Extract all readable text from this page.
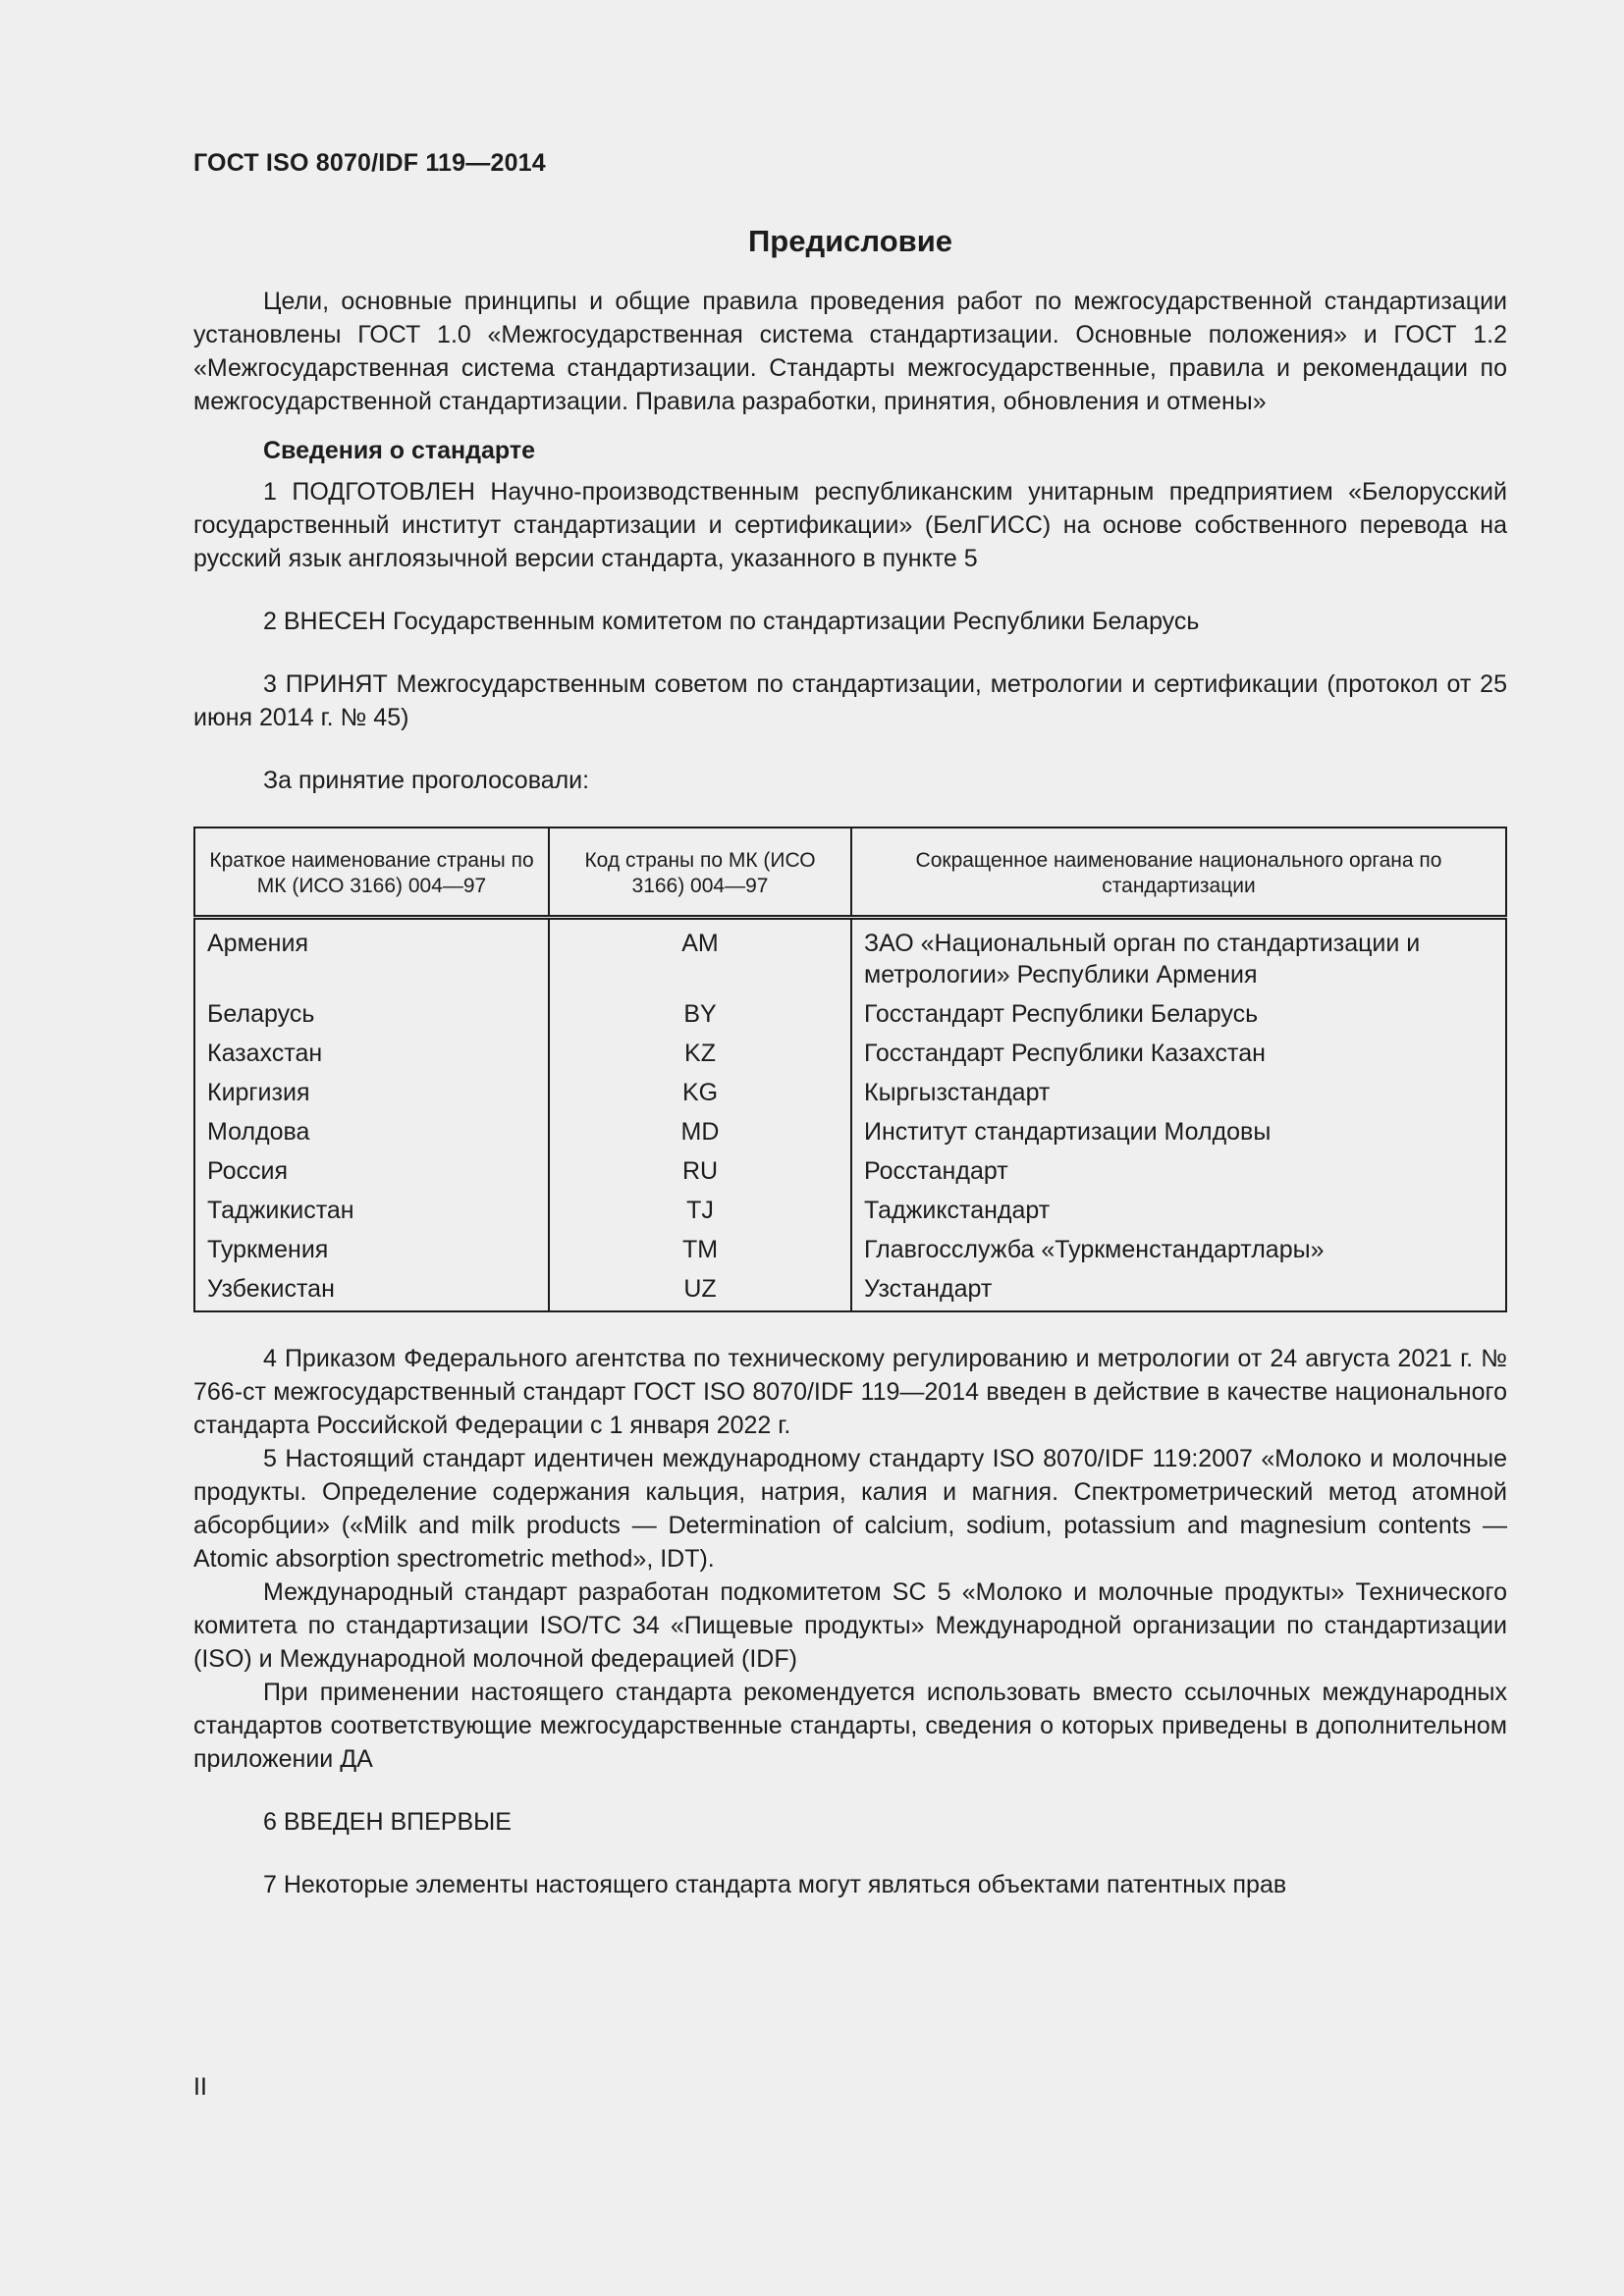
ГОСТ ISO 8070/IDF 119—2014
Предисловие

Цели, основные принципы и общие правила проведения работ по межгосударственной стандартизации установлены ГОСТ 1.0 «Межгосударственная система стандартизации. Основные положения» и ГОСТ 1.2 «Межгосударственная система стандартизации. Стандарты межгосударственные, правила и рекомендации по межгосударственной стандартизации. Правила разработки, принятия, обновления и отмены»

Сведения о стандарте

1 ПОДГОТОВЛЕН Научно-производственным республиканским унитарным предприятием «Белорусский государственный институт стандартизации и сертификации» (БелГИСС) на основе собственного перевода на русский язык англоязычной версии стандарта, указанного в пункте 5

2 ВНЕСЕН Государственным комитетом по стандартизации Республики Беларусь

3 ПРИНЯТ Межгосударственным советом по стандартизации, метрологии и сертификации (протокол от 25 июня 2014 г. № 45)

За принятие проголосовали:

Краткое наименование страны по МК (ИСО 3166) 004—97	Код страны по МК (ИСО 3166) 004—97	Сокращенное наименование национального органа по стандартизации
Армения	AM	ЗАО «Национальный орган по стандартизации и метрологии» Республики Армения
Беларусь	BY	Госстандарт Республики Беларусь
Казахстан	KZ	Госстандарт Республики Казахстан
Киргизия	KG	Кыргызстандарт
Молдова	MD	Институт стандартизации Молдовы
Россия	RU	Росстандарт
Таджикистан	TJ	Таджикстандарт
Туркмения	TM	Главгосслужба «Туркменстандартлары»
Узбекистан	UZ	Узстандарт

4 Приказом Федерального агентства по техническому регулированию и метрологии от 24 августа 2021 г. № 766-ст межгосударственный стандарт ГОСТ ISO 8070/IDF 119—2014 введен в действие в качестве национального стандарта Российской Федерации с 1 января 2022 г.

5 Настоящий стандарт идентичен международному стандарту ISO 8070/IDF 119:2007 «Молоко и молочные продукты. Определение содержания кальция, натрия, калия и магния. Спектрометрический метод атомной абсорбции» («Milk and milk products — Determination of calcium, sodium, potassium and magnesium contents — Atomic absorption spectrometric method», IDT).

Международный стандарт разработан подкомитетом SC 5 «Молоко и молочные продукты» Технического комитета по стандартизации ISO/TC 34 «Пищевые продукты» Международной организации по стандартизации (ISO) и Международной молочной федерацией (IDF)

При применении настоящего стандарта рекомендуется использовать вместо ссылочных международных стандартов соответствующие межгосударственные стандарты, сведения о которых приведены в дополнительном приложении ДА

6 ВВЕДЕН ВПЕРВЫЕ

7 Некоторые элементы настоящего стандарта могут являться объектами патентных прав

II
